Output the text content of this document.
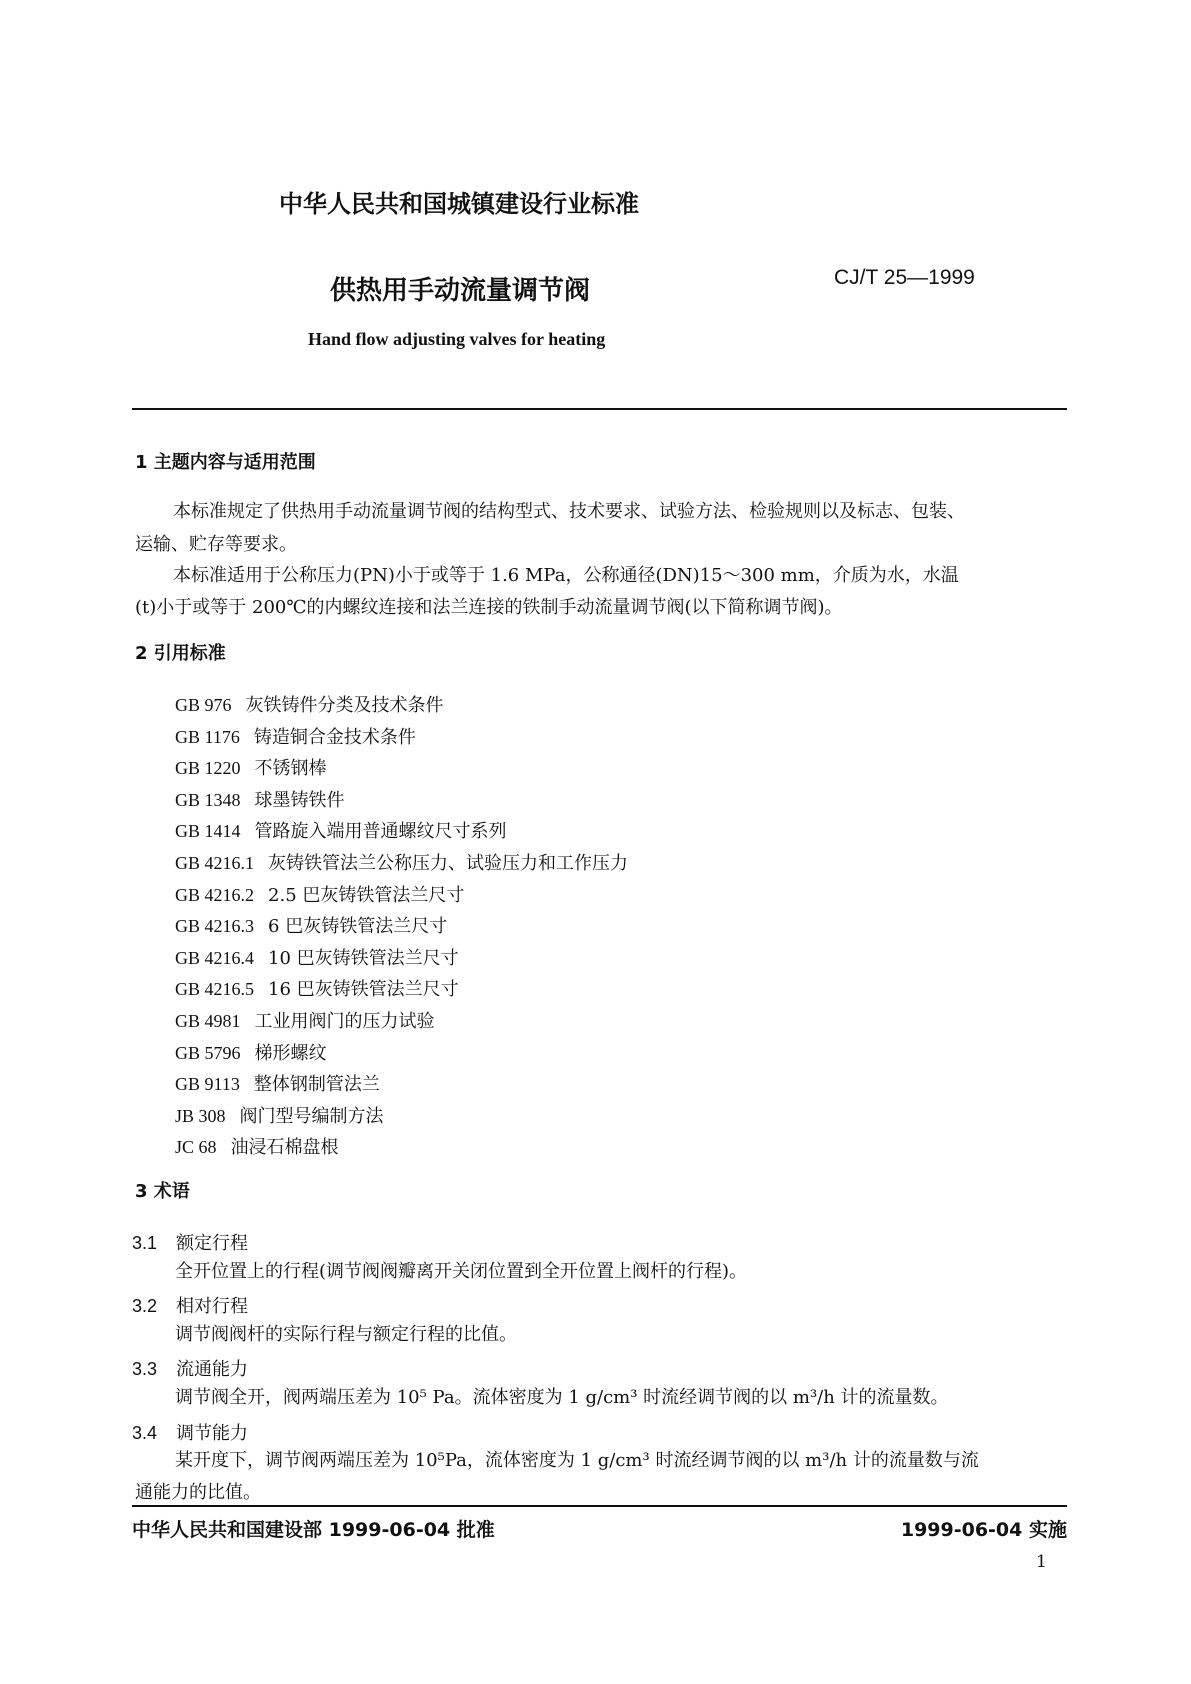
中华人民共和国城镇建设行业标准
供热用手动流量调节阀	CJ/T 25—1999
Hand flow adjusting valves for heating
1 主题内容与适用范围
本标准规定了供热用手动流量调节阀的结构型式、技术要求、试验方法、检验规则以及标志、包装、
运输、贮存等要求。
本标准适用于公称压力(PN)小于或等于 1.6 MPa，公称通径(DN)15～300 mm，介质为水，水温
(t)小于或等于 200℃的内螺纹连接和法兰连接的铁制手动流量调节阀(以下简称调节阀)。
2 引用标准
GB 976 灰铁铸件分类及技术条件
GB 1176 铸造铜合金技术条件
GB 1220 不锈钢棒
GB 1348 球墨铸铁件
GB 1414 管路旋入端用普通螺纹尺寸系列
GB 4216.1 灰铸铁管法兰公称压力、试验压力和工作压力
GB 4216.2 2.5 巴灰铸铁管法兰尺寸
GB 4216.3 6 巴灰铸铁管法兰尺寸
GB 4216.4 10 巴灰铸铁管法兰尺寸
GB 4216.5 16 巴灰铸铁管法兰尺寸
GB 4981 工业用阀门的压力试验
GB 5796 梯形螺纹
GB 9113 整体钢制管法兰
JB 308 阀门型号编制方法
JC 68 油浸石棉盘根
3 术语
3.1 额定行程
全开位置上的行程(调节阀阀瓣离开关闭位置到全开位置上阀杆的行程)。
3.2 相对行程
调节阀阀杆的实际行程与额定行程的比值。
3.3 流通能力
调节阀全开，阀两端压差为 10⁵ Pa。流体密度为 1 g/cm³ 时流经调节阀的以 m³/h 计的流量数。
3.4 调节能力
某开度下，调节阀两端压差为 10⁵Pa，流体密度为 1 g/cm³ 时流经调节阀的以 m³/h 计的流量数与流
通能力的比值。
中华人民共和国建设部 1999-06-04 批准	1999-06-04 实施
1
